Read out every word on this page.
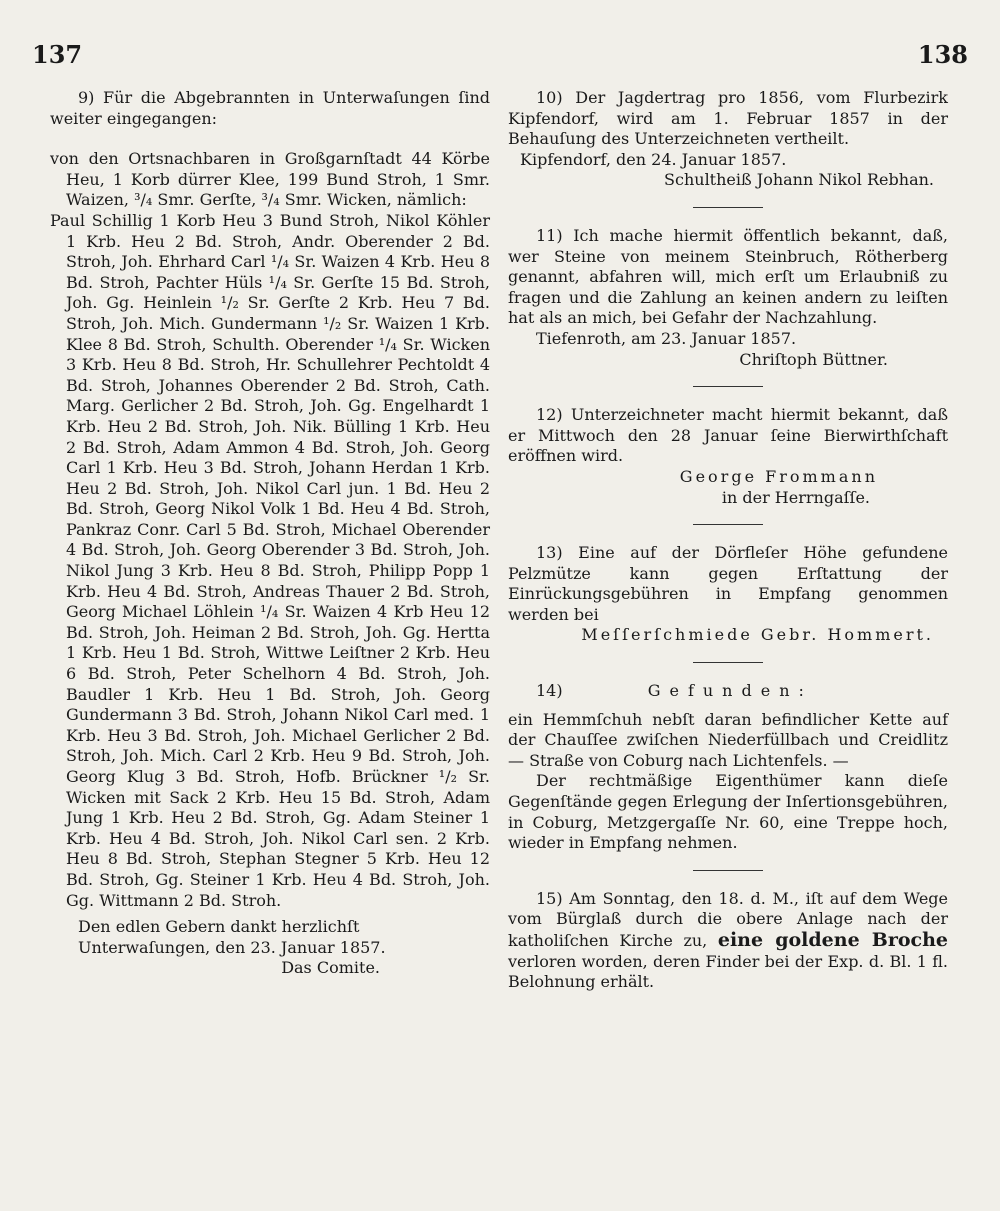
137	138

9) Für die Abgebrannten in Unterwaſungen ſind weiter eingegangen:

von den Ortsnachbaren in Großgarnſtadt 44 Körbe Heu, 1 Korb dürrer Klee, 199 Bund Stroh, 1 Smr. Waizen, ³/₄ Smr. Gerſte, ³/₄ Smr. Wicken, nämlich:

Paul Schillig 1 Korb Heu 3 Bund Stroh, Nikol Köhler 1 Krb. Heu 2 Bd. Stroh, Andr. Oberender 2 Bd. Stroh, Joh. Ehrhard Carl ¹/₄ Sr. Waizen 4 Krb. Heu 8 Bd. Stroh, Pachter Hüls ¹/₄ Sr. Gerſte 15 Bd. Stroh, Joh. Gg. Heinlein ¹/₂ Sr. Gerſte 2 Krb. Heu 7 Bd. Stroh, Joh. Mich. Gundermann ¹/₂ Sr. Waizen 1 Krb. Klee 8 Bd. Stroh, Schulth. Oberender ¹/₄ Sr. Wicken 3 Krb. Heu 8 Bd. Stroh, Hr. Schullehrer Pechtoldt 4 Bd. Stroh, Johannes Oberender 2 Bd. Stroh, Cath. Marg. Gerlicher 2 Bd. Stroh, Joh. Gg. Engelhardt 1 Krb. Heu 2 Bd. Stroh, Joh. Nik. Bülling 1 Krb. Heu 2 Bd. Stroh, Adam Ammon 4 Bd. Stroh, Joh. Georg Carl 1 Krb. Heu 3 Bd. Stroh, Johann Herdan 1 Krb. Heu 2 Bd. Stroh, Joh. Nikol Carl jun. 1 Bd. Heu 2 Bd. Stroh, Georg Nikol Volk 1 Bd. Heu 4 Bd. Stroh, Pankraz Conr. Carl 5 Bd. Stroh, Michael Oberender 4 Bd. Stroh, Joh. Georg Oberender 3 Bd. Stroh, Joh. Nikol Jung 3 Krb. Heu 8 Bd. Stroh, Philipp Popp 1 Krb. Heu 4 Bd. Stroh, Andreas Thauer 2 Bd. Stroh, Georg Michael Löhlein ¹/₄ Sr. Waizen 4 Krb Heu 12 Bd. Stroh, Joh. Heiman 2 Bd. Stroh, Joh. Gg. Hertta 1 Krb. Heu 1 Bd. Stroh, Wittwe Leiſtner 2 Krb. Heu 6 Bd. Stroh, Peter Schelhorn 4 Bd. Stroh, Joh. Baudler 1 Krb. Heu 1 Bd. Stroh, Joh. Georg Gundermann 3 Bd. Stroh, Johann Nikol Carl med. 1 Krb. Heu 3 Bd. Stroh, Joh. Michael Gerlicher 2 Bd. Stroh, Joh. Mich. Carl 2 Krb. Heu 9 Bd. Stroh, Joh. Georg Klug 3 Bd. Stroh, Hofb. Brückner ¹/₂ Sr. Wicken mit Sack 2 Krb. Heu 15 Bd. Stroh, Adam Jung 1 Krb. Heu 2 Bd. Stroh, Gg. Adam Steiner 1 Krb. Heu 4 Bd. Stroh, Joh. Nikol Carl sen. 2 Krb. Heu 8 Bd. Stroh, Stephan Stegner 5 Krb. Heu 12 Bd. Stroh, Gg. Steiner 1 Krb. Heu 4 Bd. Stroh, Joh. Gg. Wittmann 2 Bd. Stroh.

Den edlen Gebern dankt herzlichſt

Unterwaſungen, den 23. Januar 1857.

Das Comite.

10) Der Jagdertrag pro 1856, vom Flurbezirk Kipfendorf, wird am 1. Februar 1857 in der Behauſung des Unterzeichneten vertheilt.

Kipfendorf, den 24. Januar 1857.

Schultheiß Johann Nikol Rebhan.

11) Ich mache hiermit öffentlich bekannt, daß, wer Steine von meinem Steinbruch, Rötherberg genannt, abfahren will, mich erſt um Erlaubniß zu fragen und die Zahlung an keinen andern zu leiſten hat als an mich, bei Gefahr der Nachzahlung.

Tiefenroth, am 23. Januar 1857.

Chriſtoph Büttner.

12) Unterzeichneter macht hiermit bekannt, daß er Mittwoch den 28 Januar ſeine Bierwirthſchaft eröffnen wird.

George Frommann

in der Herrngaſſe.

13) Eine auf der Dörfleſer Höhe gefundene Pelzmütze kann gegen Erſtattung der Einrückungsgebühren in Empfang genommen werden bei

Meſſerſchmiede Gebr. Hommert.

14)	Gefunden:

ein Hemmſchuh nebſt daran befindlicher Kette auf der Chauſſee zwiſchen Niederfüllbach und Creidlitz — Straße von Coburg nach Lichtenfels. —

Der rechtmäßige Eigenthümer kann dieſe Gegenſtände gegen Erlegung der Inſertionsgebühren, in Coburg, Metzgergaſſe Nr. 60, eine Treppe hoch, wieder in Empfang nehmen.

15) Am Sonntag, den 18. d. M., iſt auf dem Wege vom Bürglaß durch die obere Anlage nach der katholiſchen Kirche zu, eine goldene Broche verloren worden, deren Finder bei der Exp. d. Bl. 1 fl. Belohnung erhält.
